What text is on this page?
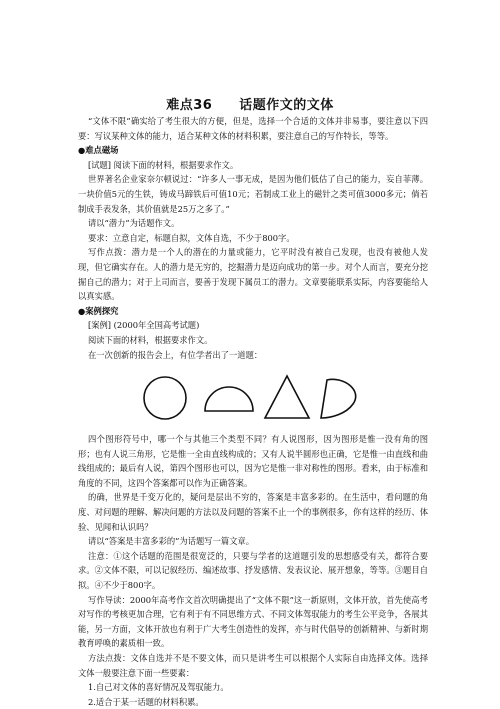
难点36　　话题作文的文体

“文体不限”确实给了考生很大的方便，但是，选择一个合适的文体并非易事，要注意以下四要：写议某种文体的能力，适合某种文体的材料积累，要注意自己的写作特长，等等。

●难点磁场

[试题] 阅读下面的材料，根据要求作文。

世界著名企业家奈尔顿说过：“许多人一事无成，是因为他们低估了自己的能力，妄自菲薄。一块价值5元的生铁，铸成马蹄铁后可值10元；若制成工业上的磁针之类可值3000多元；倘若制成手表发条，其价值就是25万之多了。”

请以“潜力”为话题作文。

要求：立意自定，标题自拟，文体自选，不少于800字。

写作点拨：潜力是一个人的潜在的力量或能力，它平时没有被自己发现，也没有被他人发现，但它确实存在。人的潜力是无穷的，挖掘潜力是迈向成功的第一步。对个人而言，要充分挖掘自己的潜力；对于上司而言，要善于发现下属员工的潜力。文章要能联系实际，内容要能给人以真实感。

●案例探究

[案例] (2000年全国高考试题)

阅读下面的材料，根据要求作文。

在一次创新的报告会上，有位学者出了一道题：

四个图形符号中，哪一个与其他三个类型不同？有人说图形，因为图形是惟一没有角的图形；也有人说三角形，它是惟一全由直线构成的；又有人说半圆形也正确，它是惟一由直线和曲线组成的；最后有人说，第四个图形也可以，因为它是惟一非对称性的图形。看来，由于标准和角度的不同，这四个答案都可以作为正确答案。

的确，世界是千变万化的，疑问是层出不穷的，答案是丰富多彩的。在生活中，看问题的角度、对问题的理解、解决问题的方法以及问题的答案不止一个的事例很多，你有这样的经历、体验、见闻和认识吗？

请以“答案是丰富多彩的”为话题写一篇文章。

注意：①这个话题的范围是很宽泛的，只要与学者的这道题引发的思想感受有关，都符合要求。②文体不限，可以记叙经历、编述故事、抒发感情、发表议论、展开想象，等等。③题目自拟。④不少于800字。

写作导读：2000年高考作文首次明确提出了“文体不限”这一新原则，文体开放，首先使高考对写作的考核更加合理，它有利于有不同思维方式、不同文体驾驭能力的考生公平竞争，各展其能，另一方面，文体开放也有利于广大考生创造性的发挥，亦与时代倡导的创新精神、与新时期教育呼唤的素质相一致。

方法点拨：文体自选并不是不要文体，而只是讲考生可以根据个人实际自由选择文体。选择文体一般要注意下面一些要素：

1.自己对文体的喜好情况及驾驭能力。

2.适合于某一话题的材料积累。
